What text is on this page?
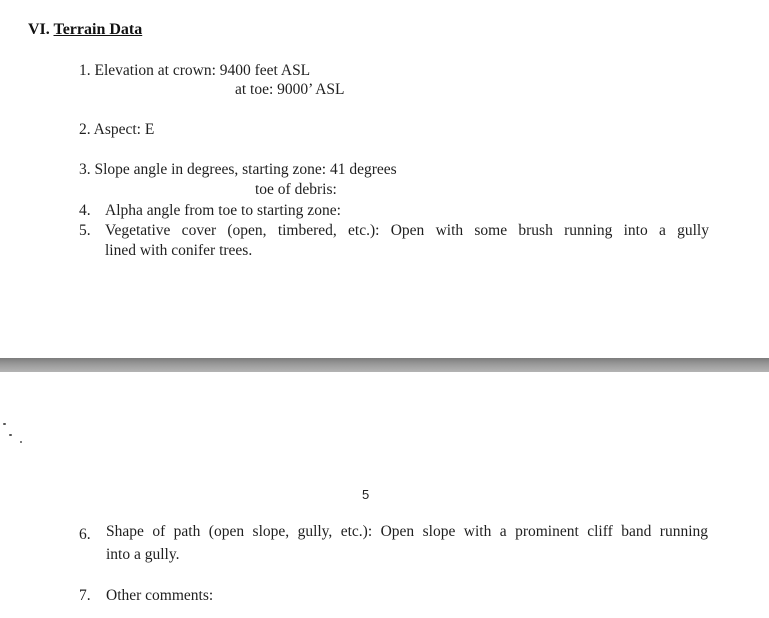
VI. Terrain Data
1. Elevation at crown: 9400 feet ASL
at toe: 9000’ ASL
2. Aspect: E
3. Slope angle in degrees, starting zone: 41 degrees
toe of debris:
4. Alpha angle from toe to starting zone:
5. Vegetative cover (open, timbered, etc.): Open with some brush running into a gully
lined with conifer trees.
5
6. Shape of path (open slope, gully, etc.): Open slope with a prominent cliff band running
into a gully.
7. Other comments:
